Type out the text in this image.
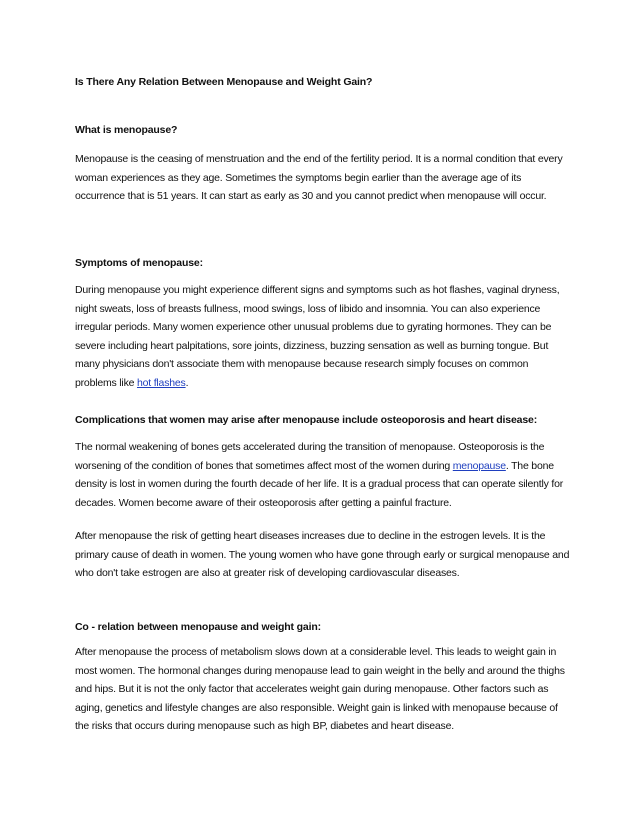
Is There Any Relation Between Menopause and Weight Gain?
What is menopause?

Menopause is the ceasing of menstruation and the end of the fertility period. It is a normal condition that every woman experiences as they age. Sometimes the symptoms begin earlier than the average age of its occurrence that is 51 years. It can start as early as 30 and you cannot predict when menopause will occur.

Symptoms of menopause:

During menopause you might experience different signs and symptoms such as hot flashes, vaginal dryness, night sweats, loss of breasts fullness, mood swings, loss of libido and insomnia. You can also experience irregular periods. Many women experience other unusual problems due to gyrating hormones. They can be severe including heart palpitations, sore joints, dizziness, buzzing sensation as well as burning tongue. But many physicians don't associate them with menopause because research simply focuses on common problems like hot flashes.

Complications that women may arise after menopause include osteoporosis and heart disease:

The normal weakening of bones gets accelerated during the transition of menopause. Osteoporosis is the worsening of the condition of bones that sometimes affect most of the women during menopause. The bone density is lost in women during the fourth decade of her life. It is a gradual process that can operate silently for decades. Women become aware of their osteoporosis after getting a painful fracture.

After menopause the risk of getting heart diseases increases due to decline in the estrogen levels. It is the primary cause of death in women. The young women who have gone through early or surgical menopause and who don't take estrogen are also at greater risk of developing cardiovascular diseases.

Co - relation between menopause and weight gain:

After menopause the process of metabolism slows down at a considerable level. This leads to weight gain in most women. The hormonal changes during menopause lead to gain weight in the belly and around the thighs and hips. But it is not the only factor that accelerates weight gain during menopause. Other factors such as aging, genetics and lifestyle changes are also responsible. Weight gain is linked with menopause because of the risks that occurs during menopause such as high BP, diabetes and heart disease.
